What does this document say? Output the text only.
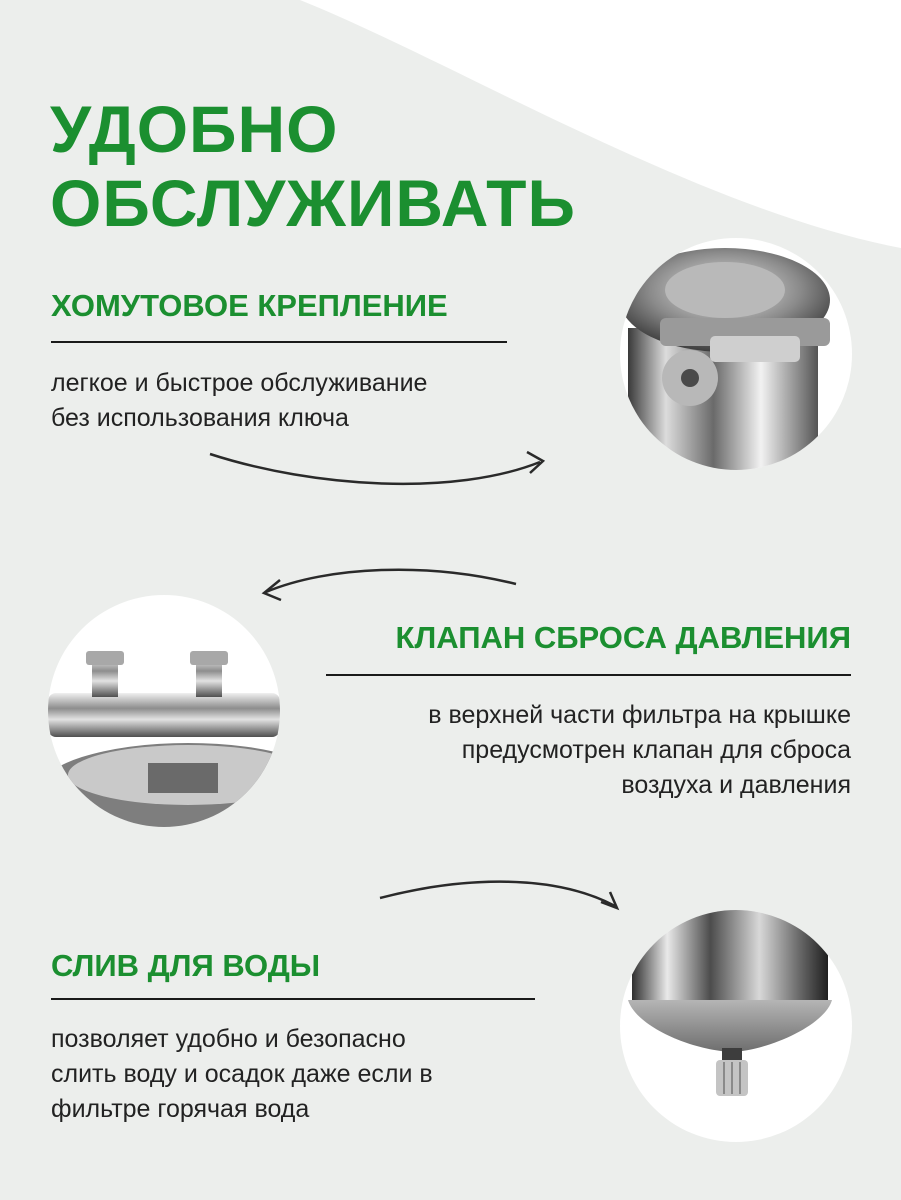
УДОБНО
ОБСЛУЖИВАТЬ
ХОМУТОВОЕ КРЕПЛЕНИЕ

легкое и быстрое обслуживание
без использования ключа

КЛАПАН СБРОСА ДАВЛЕНИЯ

в верхней части фильтра на крышке
предусмотрен клапан для сброса
воздуха и давления

СЛИВ ДЛЯ ВОДЫ

позволяет удобно и безопасно
слить воду и осадок даже если в
фильтре горячая вода
